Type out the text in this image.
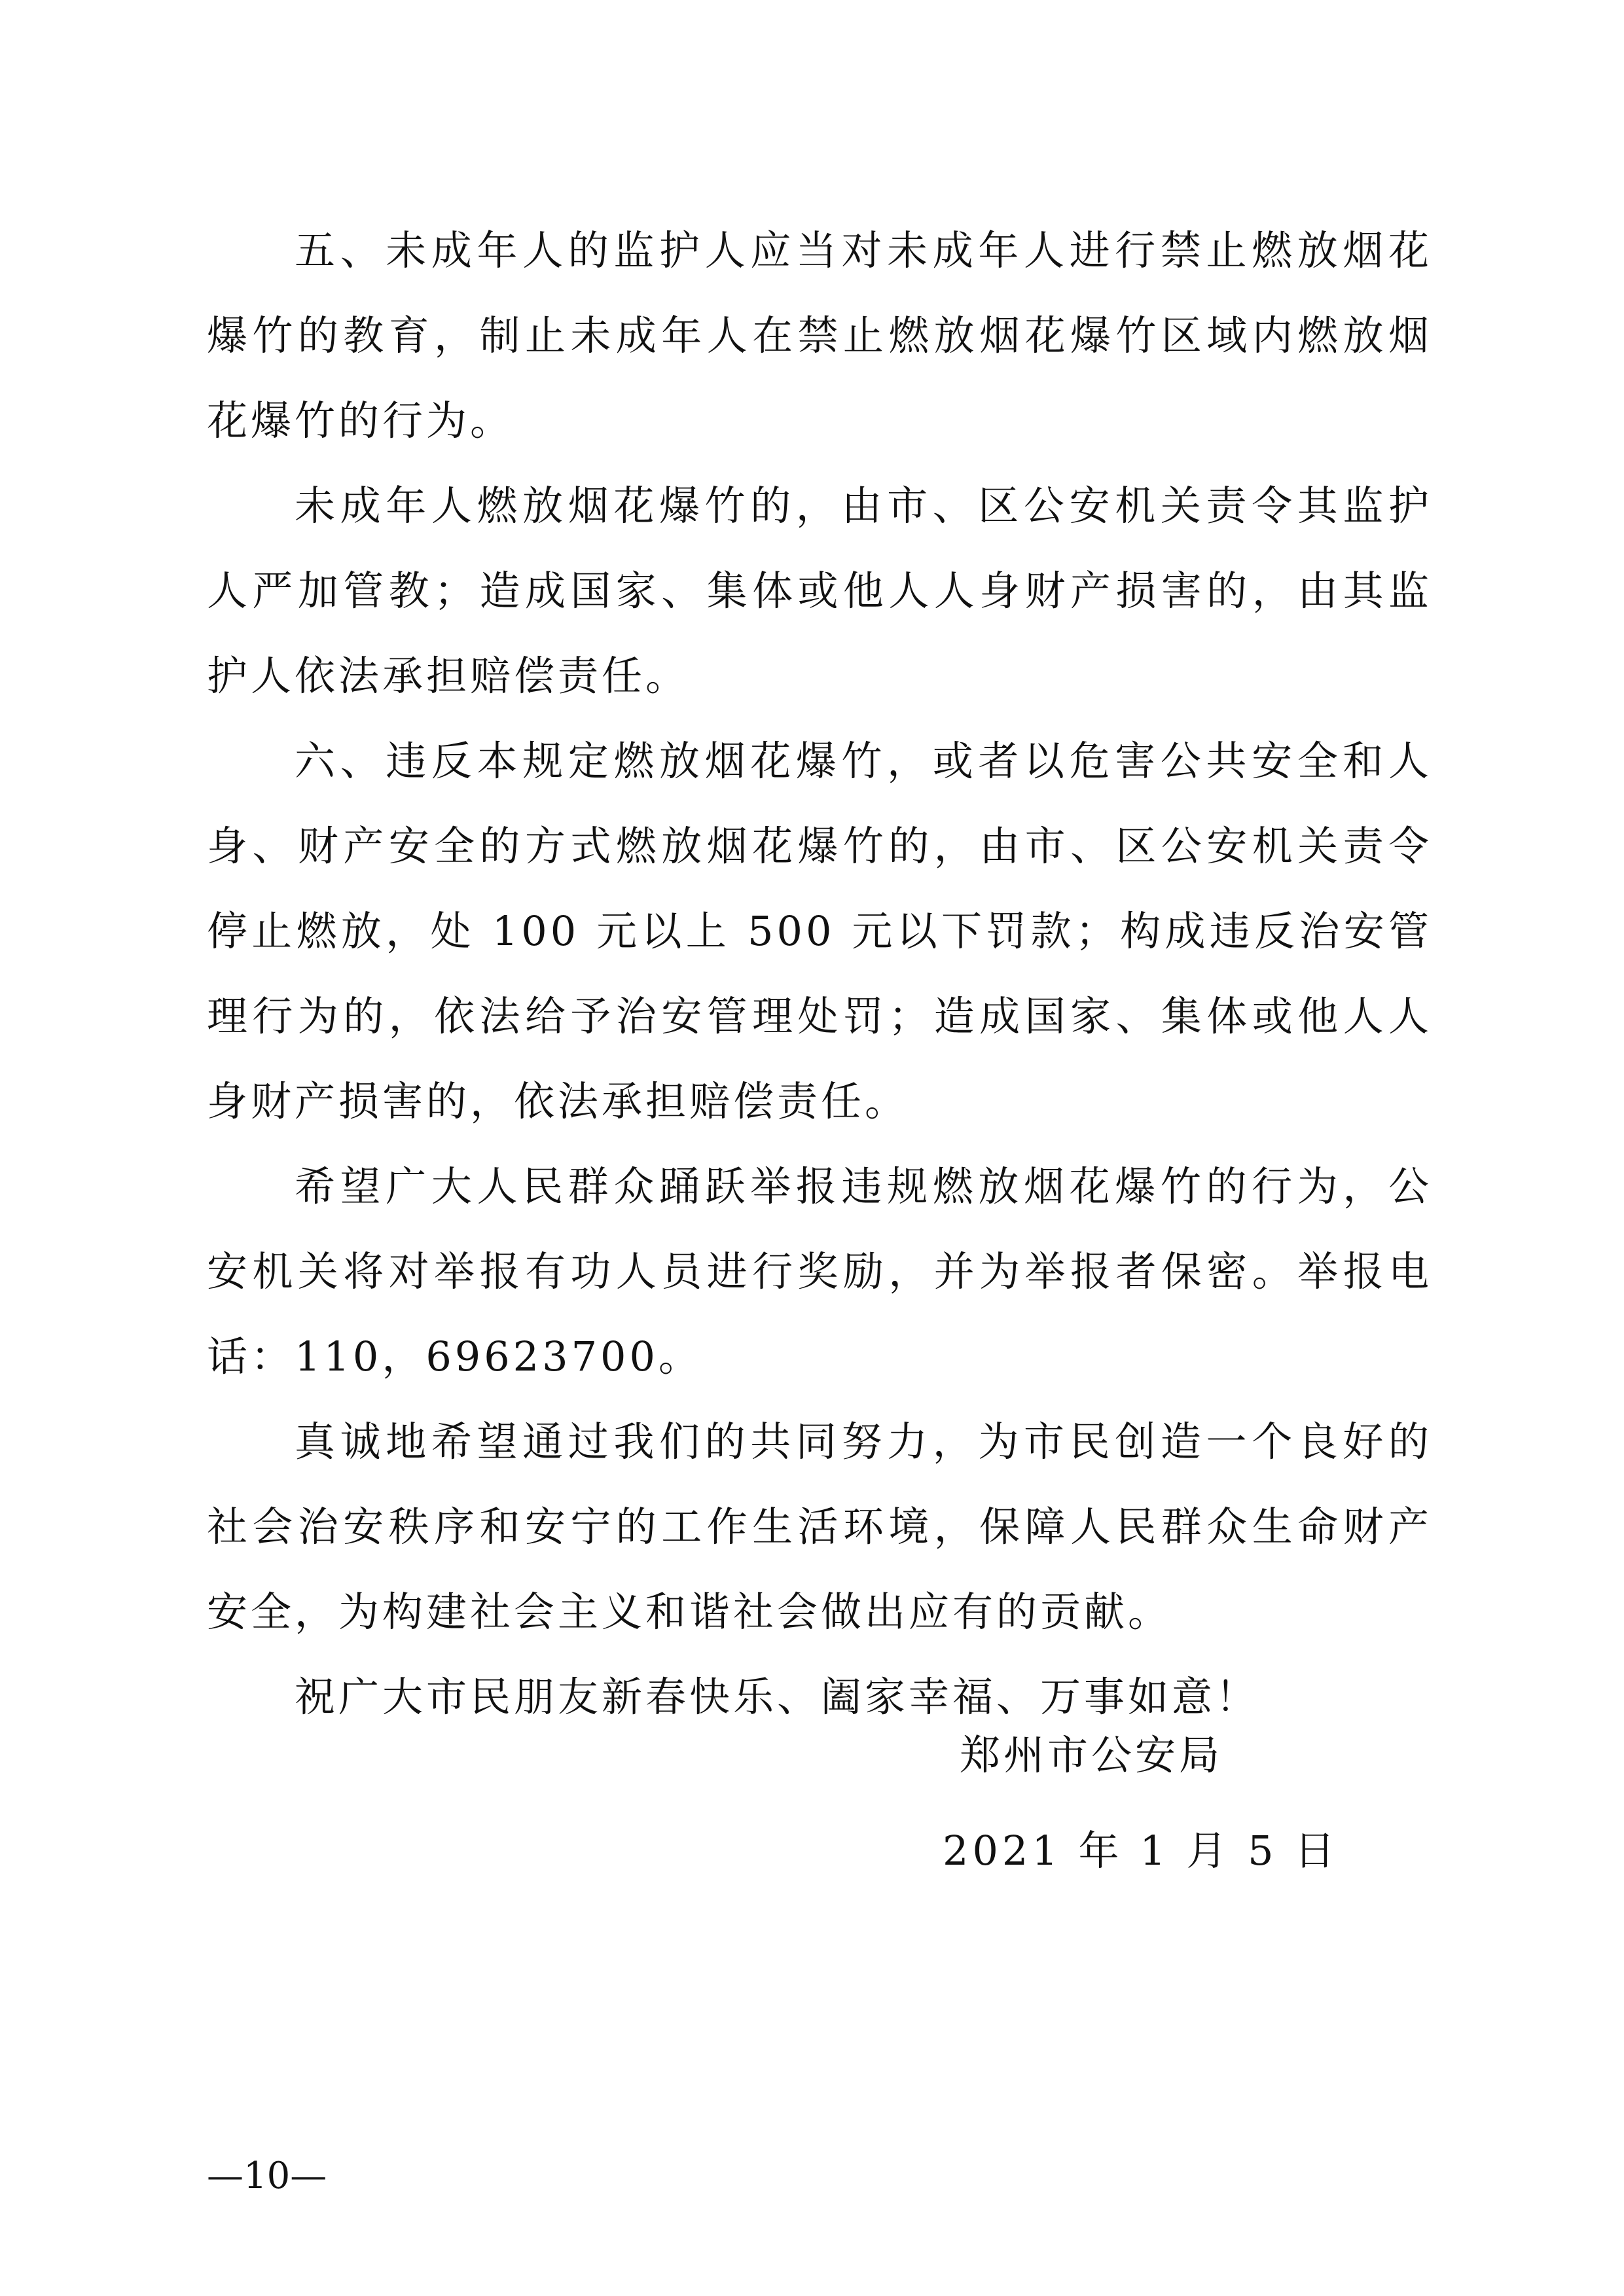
五、未成年人的监护人应当对未成年人进行禁止燃放烟花爆竹的教育，制止未成年人在禁止燃放烟花爆竹区域内燃放烟花爆竹的行为。

未成年人燃放烟花爆竹的，由市、区公安机关责令其监护人严加管教；造成国家、集体或他人人身财产损害的，由其监护人依法承担赔偿责任。

六、违反本规定燃放烟花爆竹，或者以危害公共安全和人身、财产安全的方式燃放烟花爆竹的，由市、区公安机关责令停止燃放，处 100 元以上 500 元以下罚款；构成违反治安管理行为的，依法给予治安管理处罚；造成国家、集体或他人人身财产损害的，依法承担赔偿责任。

希望广大人民群众踊跃举报违规燃放烟花爆竹的行为，公安机关将对举报有功人员进行奖励，并为举报者保密。举报电话：110，69623700。

真诚地希望通过我们的共同努力，为市民创造一个良好的社会治安秩序和安宁的工作生活环境，保障人民群众生命财产安全，为构建社会主义和谐社会做出应有的贡献。

祝广大市民朋友新春快乐、阖家幸福、万事如意！

郑州市公安局
2021 年 1 月 5 日
—10—
